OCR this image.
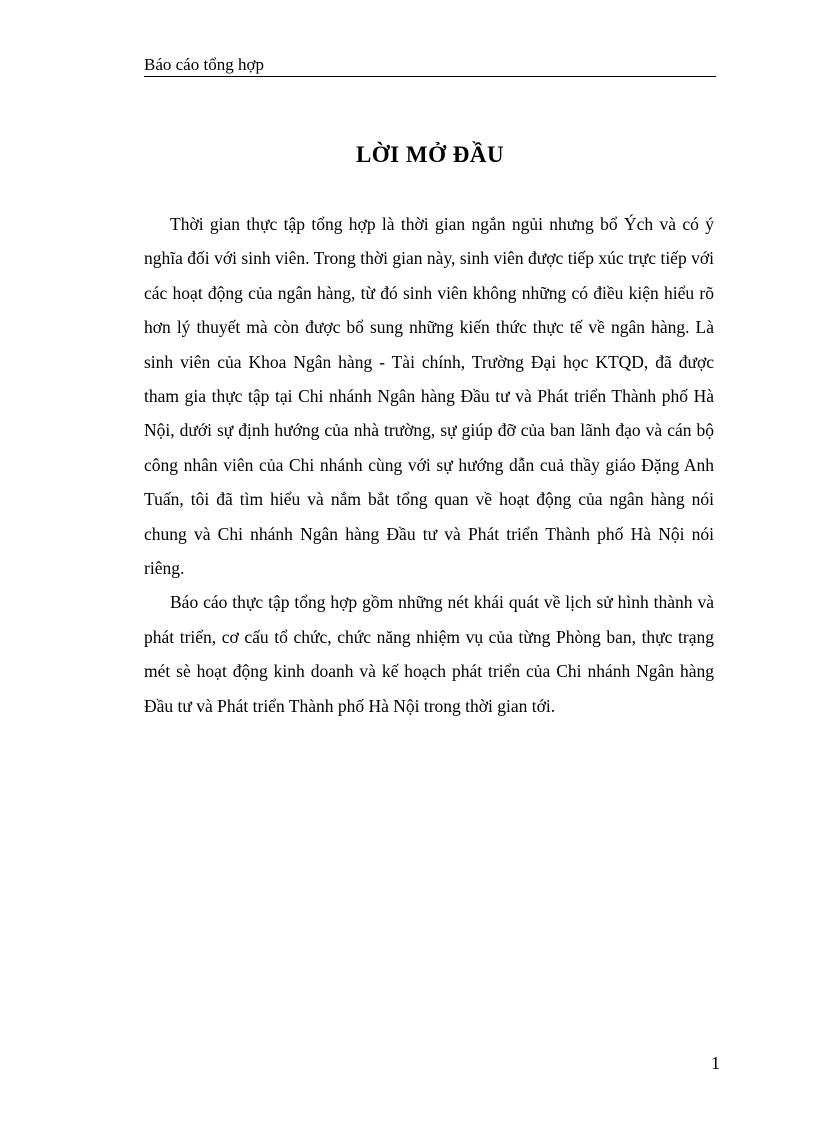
Báo cáo tổng hợp
LỜI MỞ ĐẦU

Thời gian thực tập tổng hợp là thời gian ngắn ngủi nhưng bổ Ých và có ý nghĩa đối với sinh viên. Trong thời gian này, sinh viên được tiếp xúc trực tiếp với các hoạt động của ngân hàng, từ đó sinh viên không những có điều kiện hiểu rõ hơn lý thuyết mà còn được bổ sung những kiến thức thực tế về ngân hàng. Là sinh viên của Khoa Ngân hàng - Tài chính, Trường Đại học KTQD, đã được tham gia thực tập tại Chi nhánh Ngân hàng Đầu tư và Phát triển Thành phố Hà Nội, dưới sự định hướng của nhà trường, sự giúp đỡ của ban lãnh đạo và cán bộ công nhân viên của Chi nhánh cùng với sự hướng dẫn cuả thầy giáo Đặng Anh Tuấn, tôi đã tìm hiểu và nắm bắt tổng quan về hoạt động của ngân hàng nói chung và Chi nhánh Ngân hàng Đầu tư và Phát triển Thành phố Hà Nội nói riêng.

Báo cáo thực tập tổng hợp gồm những nét khái quát về lịch sử hình thành và phát triển, cơ cấu tổ chức, chức năng nhiệm vụ của từng Phòng ban, thực trạng mét sè hoạt động kinh doanh và kế hoạch phát triển của Chi nhánh Ngân hàng Đầu tư và Phát triển Thành phố Hà Nội trong thời gian tới.

1
